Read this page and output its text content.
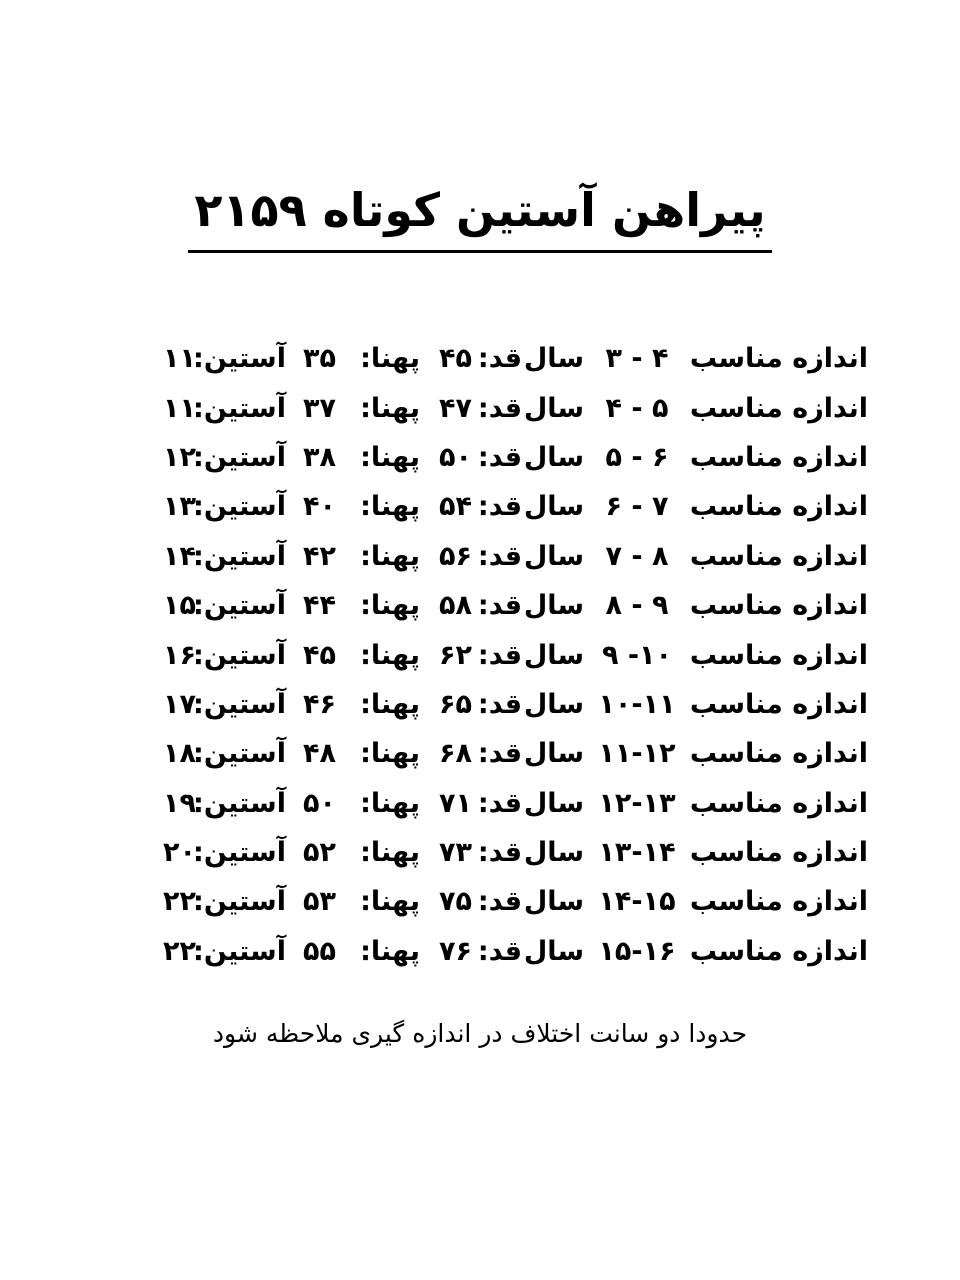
پیراهن آستین کوتاه ۲۱۵۹
اندازه مناسب
۳ - ۴
سال
قد:
۴۵
پهنا:
۳۵
آستین:
۱۱
اندازه مناسب
۴ - ۵
سال
قد:
۴۷
پهنا:
۳۷
آستین:
۱۱
اندازه مناسب
۵ - ۶
سال
قد:
۵۰
پهنا:
۳۸
آستین:
۱۲
اندازه مناسب
۶ - ۷
سال
قد:
۵۴
پهنا:
۴۰
آستین:
۱۳
اندازه مناسب
۷ - ۸
سال
قد:
۵۶
پهنا:
۴۲
آستین:
۱۴
اندازه مناسب
۸ - ۹
سال
قد:
۵۸
پهنا:
۴۴
آستین:
۱۵
اندازه مناسب
۹ -۱۰
سال
قد:
۶۲
پهنا:
۴۵
آستین:
۱۶
اندازه مناسب
۱۰-۱۱
سال
قد:
۶۵
پهنا:
۴۶
آستین:
۱۷
اندازه مناسب
۱۱-۱۲
سال
قد:
۶۸
پهنا:
۴۸
آستین:
۱۸
اندازه مناسب
۱۲-۱۳
سال
قد:
۷۱
پهنا:
۵۰
آستین:
۱۹
اندازه مناسب
۱۳-۱۴
سال
قد:
۷۳
پهنا:
۵۲
آستین:
۲۰
اندازه مناسب
۱۴-۱۵
سال
قد:
۷۵
پهنا:
۵۳
آستین:
۲۲
اندازه مناسب
۱۵-۱۶
سال
قد:
۷۶
پهنا:
۵۵
آستین:
۲۲
حدودا دو سانت اختلاف در اندازه گیری ملاحظه شود
